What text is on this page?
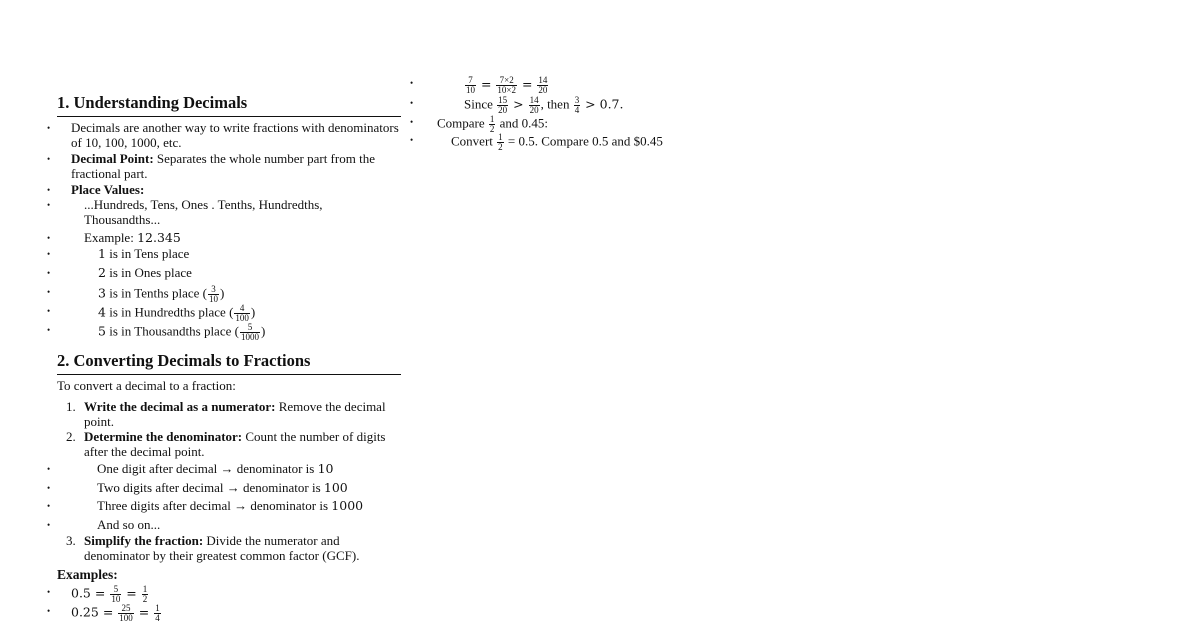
1. Understanding Decimals
• Decimals are another way to write fractions with denominators of 10, 100, 1000, etc.
• Decimal Point: Separates the whole number part from the fractional part.
• Place Values:
• ...Hundreds, Tens, Ones . Tenths, Hundredths, Thousandths...
• Example: 12.345
• 1 is in Tens place
• 2 is in Ones place
• 3 is in Tenths place ( $\frac{3}{10}$ )
• 4 is in Hundredths place ( $\frac{4}{100}$ )
• 5 is in Thousandths place ( $\frac{5}{1000}$ )
2. Converting Decimals to Fractions
To convert a decimal to a fraction:
1. Write the decimal as a numerator: Remove the decimal point.
2. Determine the denominator: Count the number of digits after the decimal point.
• One digit after decimal → denominator is 10
• Two digits after decimal → denominator is 100
• Three digits after decimal → denominator is 1000
• And so on...
3. Simplify the fraction: Divide the numerator and denominator by their greatest common factor (GCF).
Examples:
• $0.5 = \frac{5}{10} = \frac{1}{2}$
• $0.25 = \frac{25}{100} = \frac{1}{4}$
• $\frac{7}{10} = \frac{7\times 2}{10\times 2} = \frac{14}{20}$
• Since $\frac{15}{20} > \frac{14}{20}$ , then $\frac{3}{4} > 0.7$.
• Compare $\frac{1}{2}$ and 0.45:
• Convert $\frac{1}{2} = 0.5$. Compare 0.5 and $0.45
